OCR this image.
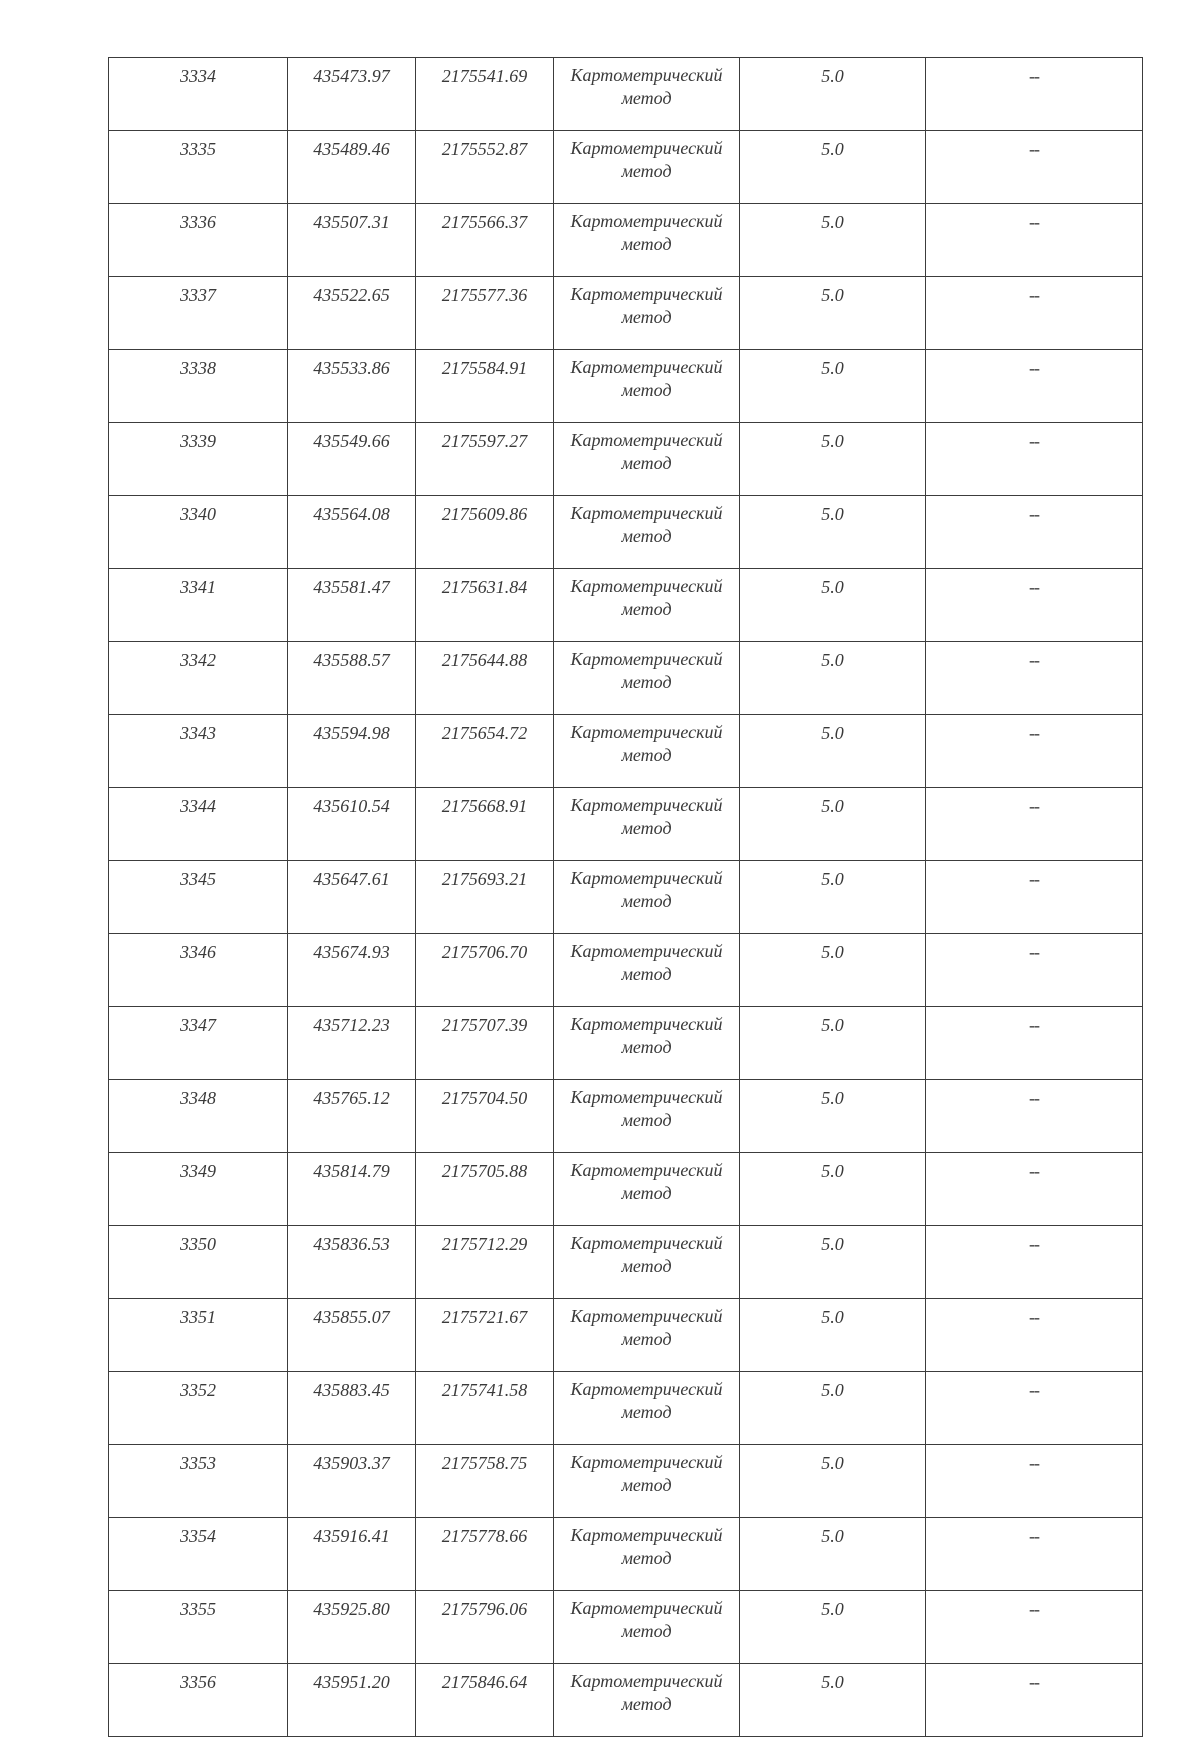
3334	435473.97	2175541.69	Картометрический метод	5.0	--
3335	435489.46	2175552.87	Картометрический метод	5.0	--
3336	435507.31	2175566.37	Картометрический метод	5.0	--
3337	435522.65	2175577.36	Картометрический метод	5.0	--
3338	435533.86	2175584.91	Картометрический метод	5.0	--
3339	435549.66	2175597.27	Картометрический метод	5.0	--
3340	435564.08	2175609.86	Картометрический метод	5.0	--
3341	435581.47	2175631.84	Картометрический метод	5.0	--
3342	435588.57	2175644.88	Картометрический метод	5.0	--
3343	435594.98	2175654.72	Картометрический метод	5.0	--
3344	435610.54	2175668.91	Картометрический метод	5.0	--
3345	435647.61	2175693.21	Картометрический метод	5.0	--
3346	435674.93	2175706.70	Картометрический метод	5.0	--
3347	435712.23	2175707.39	Картометрический метод	5.0	--
3348	435765.12	2175704.50	Картометрический метод	5.0	--
3349	435814.79	2175705.88	Картометрический метод	5.0	--
3350	435836.53	2175712.29	Картометрический метод	5.0	--
3351	435855.07	2175721.67	Картометрический метод	5.0	--
3352	435883.45	2175741.58	Картометрический метод	5.0	--
3353	435903.37	2175758.75	Картометрический метод	5.0	--
3354	435916.41	2175778.66	Картометрический метод	5.0	--
3355	435925.80	2175796.06	Картометрический метод	5.0	--
3356	435951.20	2175846.64	Картометрический метод	5.0	--
